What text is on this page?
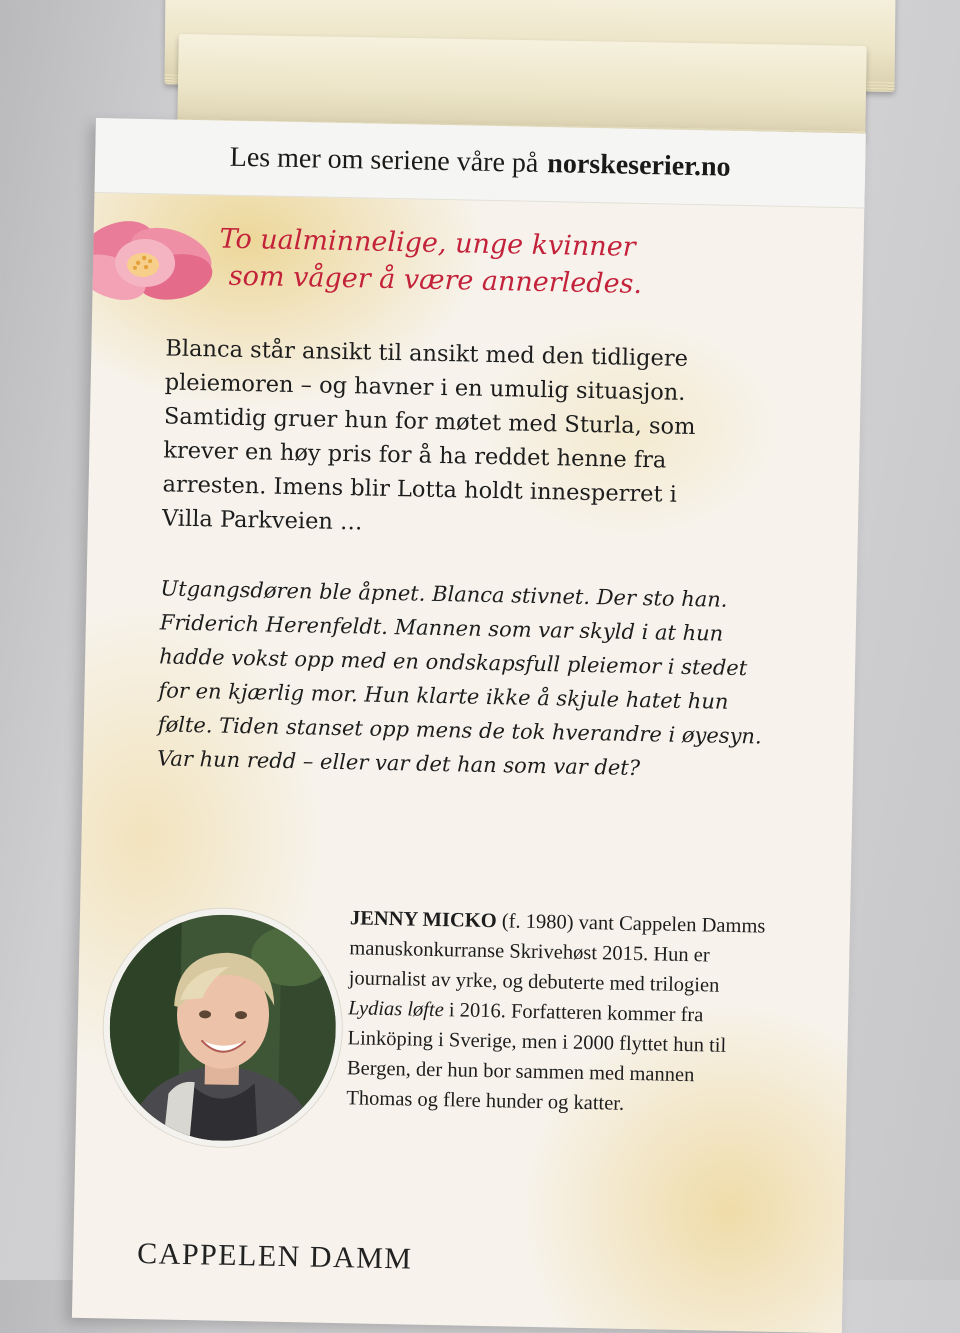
Les mer om seriene våre på norskeserier.no
To ualminnelige, unge kvinner
som våger å være annerledes.
Blanca står ansikt til ansikt med den tidligere
pleiemoren – og havner i en umulig situasjon.
Samtidig gruer hun for møtet med Sturla, som
krever en høy pris for å ha reddet henne fra
arresten. Imens blir Lotta holdt innesperret i
Villa Parkveien …
Utgangsdøren ble åpnet. Blanca stivnet. Der sto han.
Friderich Herenfeldt. Mannen som var skyld i at hun
hadde vokst opp med en ondskapsfull pleiemor i stedet
for en kjærlig mor. Hun klarte ikke å skjule hatet hun
følte. Tiden stanset opp mens de tok hverandre i øyesyn.
Var hun redd – eller var det han som var det?
JENNY MICKO (f. 1980) vant Cappelen Damms
manuskonkurranse Skrivehøst 2015. Hun er
journalist av yrke, og debuterte med trilogien
Lydias løfte i 2016. Forfatteren kommer fra
Linköping i Sverige, men i 2000 flyttet hun til
Bergen, der hun bor sammen med mannen
Thomas og flere hunder og katter.
CAPPELEN DAMM
